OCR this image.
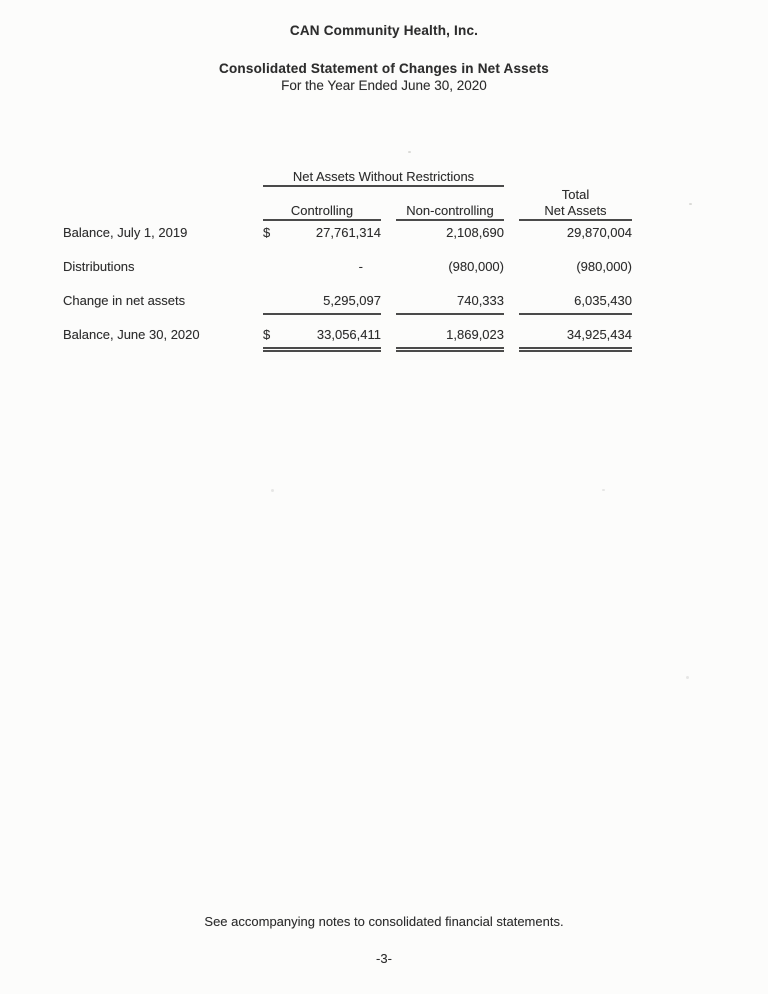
CAN Community Health, Inc.
Consolidated Statement of Changes in Net Assets
For the Year Ended June 30, 2020
Net Assets Without Restrictions
Total
Controlling	Non-controlling	Net Assets
Balance, July 1, 2019	$	27,761,314	2,108,690	29,870,004
Distributions	-	(980,000)	(980,000)
Change in net assets	5,295,097	740,333	6,035,430
Balance, June 30, 2020	$	33,056,411	1,869,023	34,925,434
See accompanying notes to consolidated financial statements.
-3-
